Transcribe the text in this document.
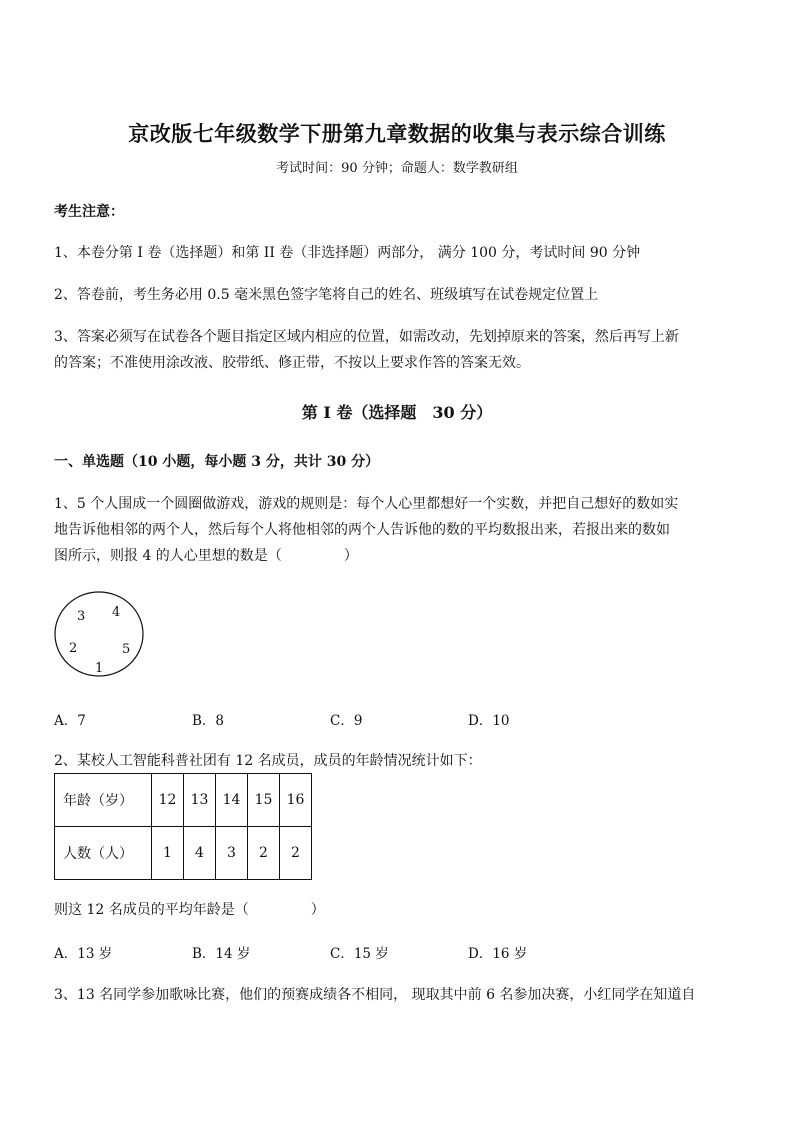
京改版七年级数学下册第九章数据的收集与表示综合训练
考试时间：90 分钟；命题人：数学教研组
考生注意：
1、本卷分第 I 卷（选择题）和第 II 卷（非选择题）两部分， 满分 100 分，考试时间 90 分钟
2、答卷前，考生务必用 0.5 毫米黑色签字笔将自己的姓名、班级填写在试卷规定位置上
3、答案必须写在试卷各个题目指定区域内相应的位置，如需改动，先划掉原来的答案，然后再写上新
的答案；不准使用涂改液、胶带纸、修正带，不按以上要求作答的答案无效。
第 I 卷（选择题　30 分）
一、单选题（10 小题，每小题 3 分，共计 30 分）
1、5 个人围成一个圆圈做游戏，游戏的规则是：每个人心里都想好一个实数，并把自己想好的数如实
地告诉他相邻的两个人，然后每个人将他相邻的两个人告诉他的数的平均数报出来，若报出来的数如
图所示，则报 4 的人心里想的数是（	）
3 4
2	5
1
A．7	B．8	C．9	D．10
2、某校人工智能科普社团有 12 名成员，成员的年龄情况统计如下：
年龄（岁）	12	13	14	15	16
人数（人）	1	4	3	2	2
则这 12 名成员的平均年龄是（	）
A．13 岁	B．14 岁	C．15 岁	D．16 岁
3、13 名同学参加歌咏比赛，他们的预赛成绩各不相同， 现取其中前 6 名参加决赛，小红同学在知道自
